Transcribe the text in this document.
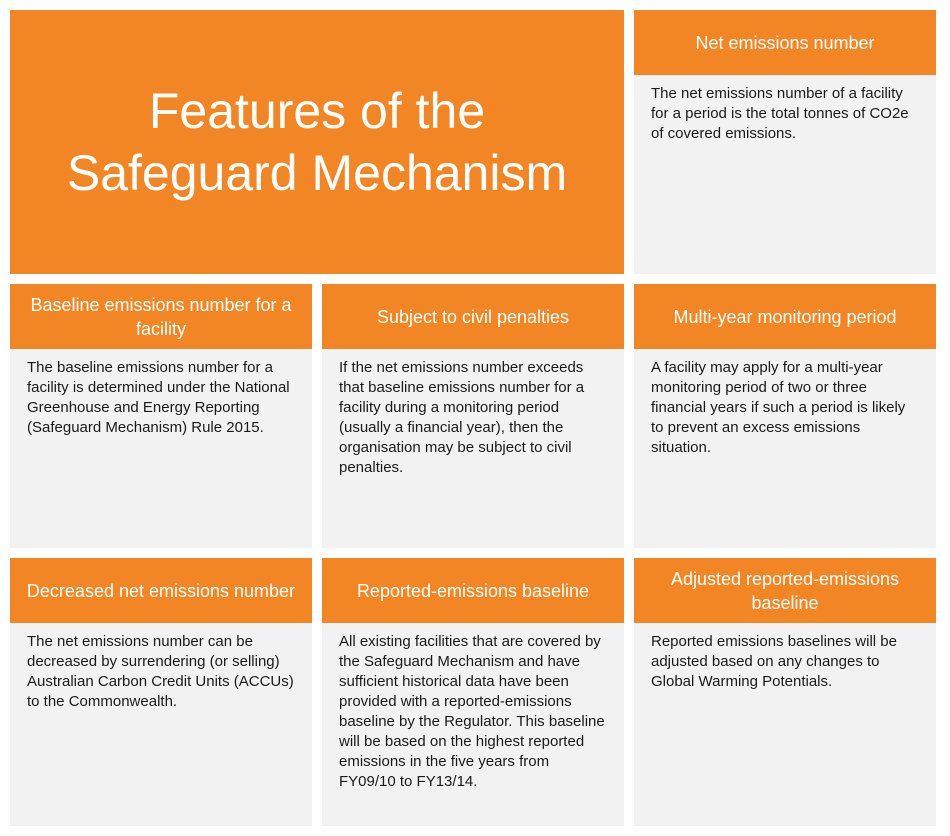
Features of the
Safeguard Mechanism
Net emissions number
The net emissions number of a facility for a period is the total tonnes of CO2e of covered emissions.
Baseline emissions number for a facility
The baseline emissions number for a facility is determined under the National Greenhouse and Energy Reporting (Safeguard Mechanism) Rule 2015.
Subject to civil penalties
If the net emissions number exceeds that baseline emissions number for a facility during a monitoring period (usually a financial year), then the organisation may be subject to civil penalties.
Multi-year monitoring period
A facility may apply for a multi-year monitoring period of two or three financial years if such a period is likely to prevent an excess emissions situation.
Decreased net emissions number
The net emissions number can be decreased by surrendering (or selling) Australian Carbon Credit Units (ACCUs) to the Commonwealth.
Reported-emissions baseline
All existing facilities that are covered by the Safeguard Mechanism and have sufficient historical data have been provided with a reported-emissions baseline by the Regulator. This baseline will be based on the highest reported emissions in the five years from FY09/10 to FY13/14.
Adjusted reported-emissions baseline
Reported emissions baselines will be adjusted based on any changes to Global Warming Potentials.
